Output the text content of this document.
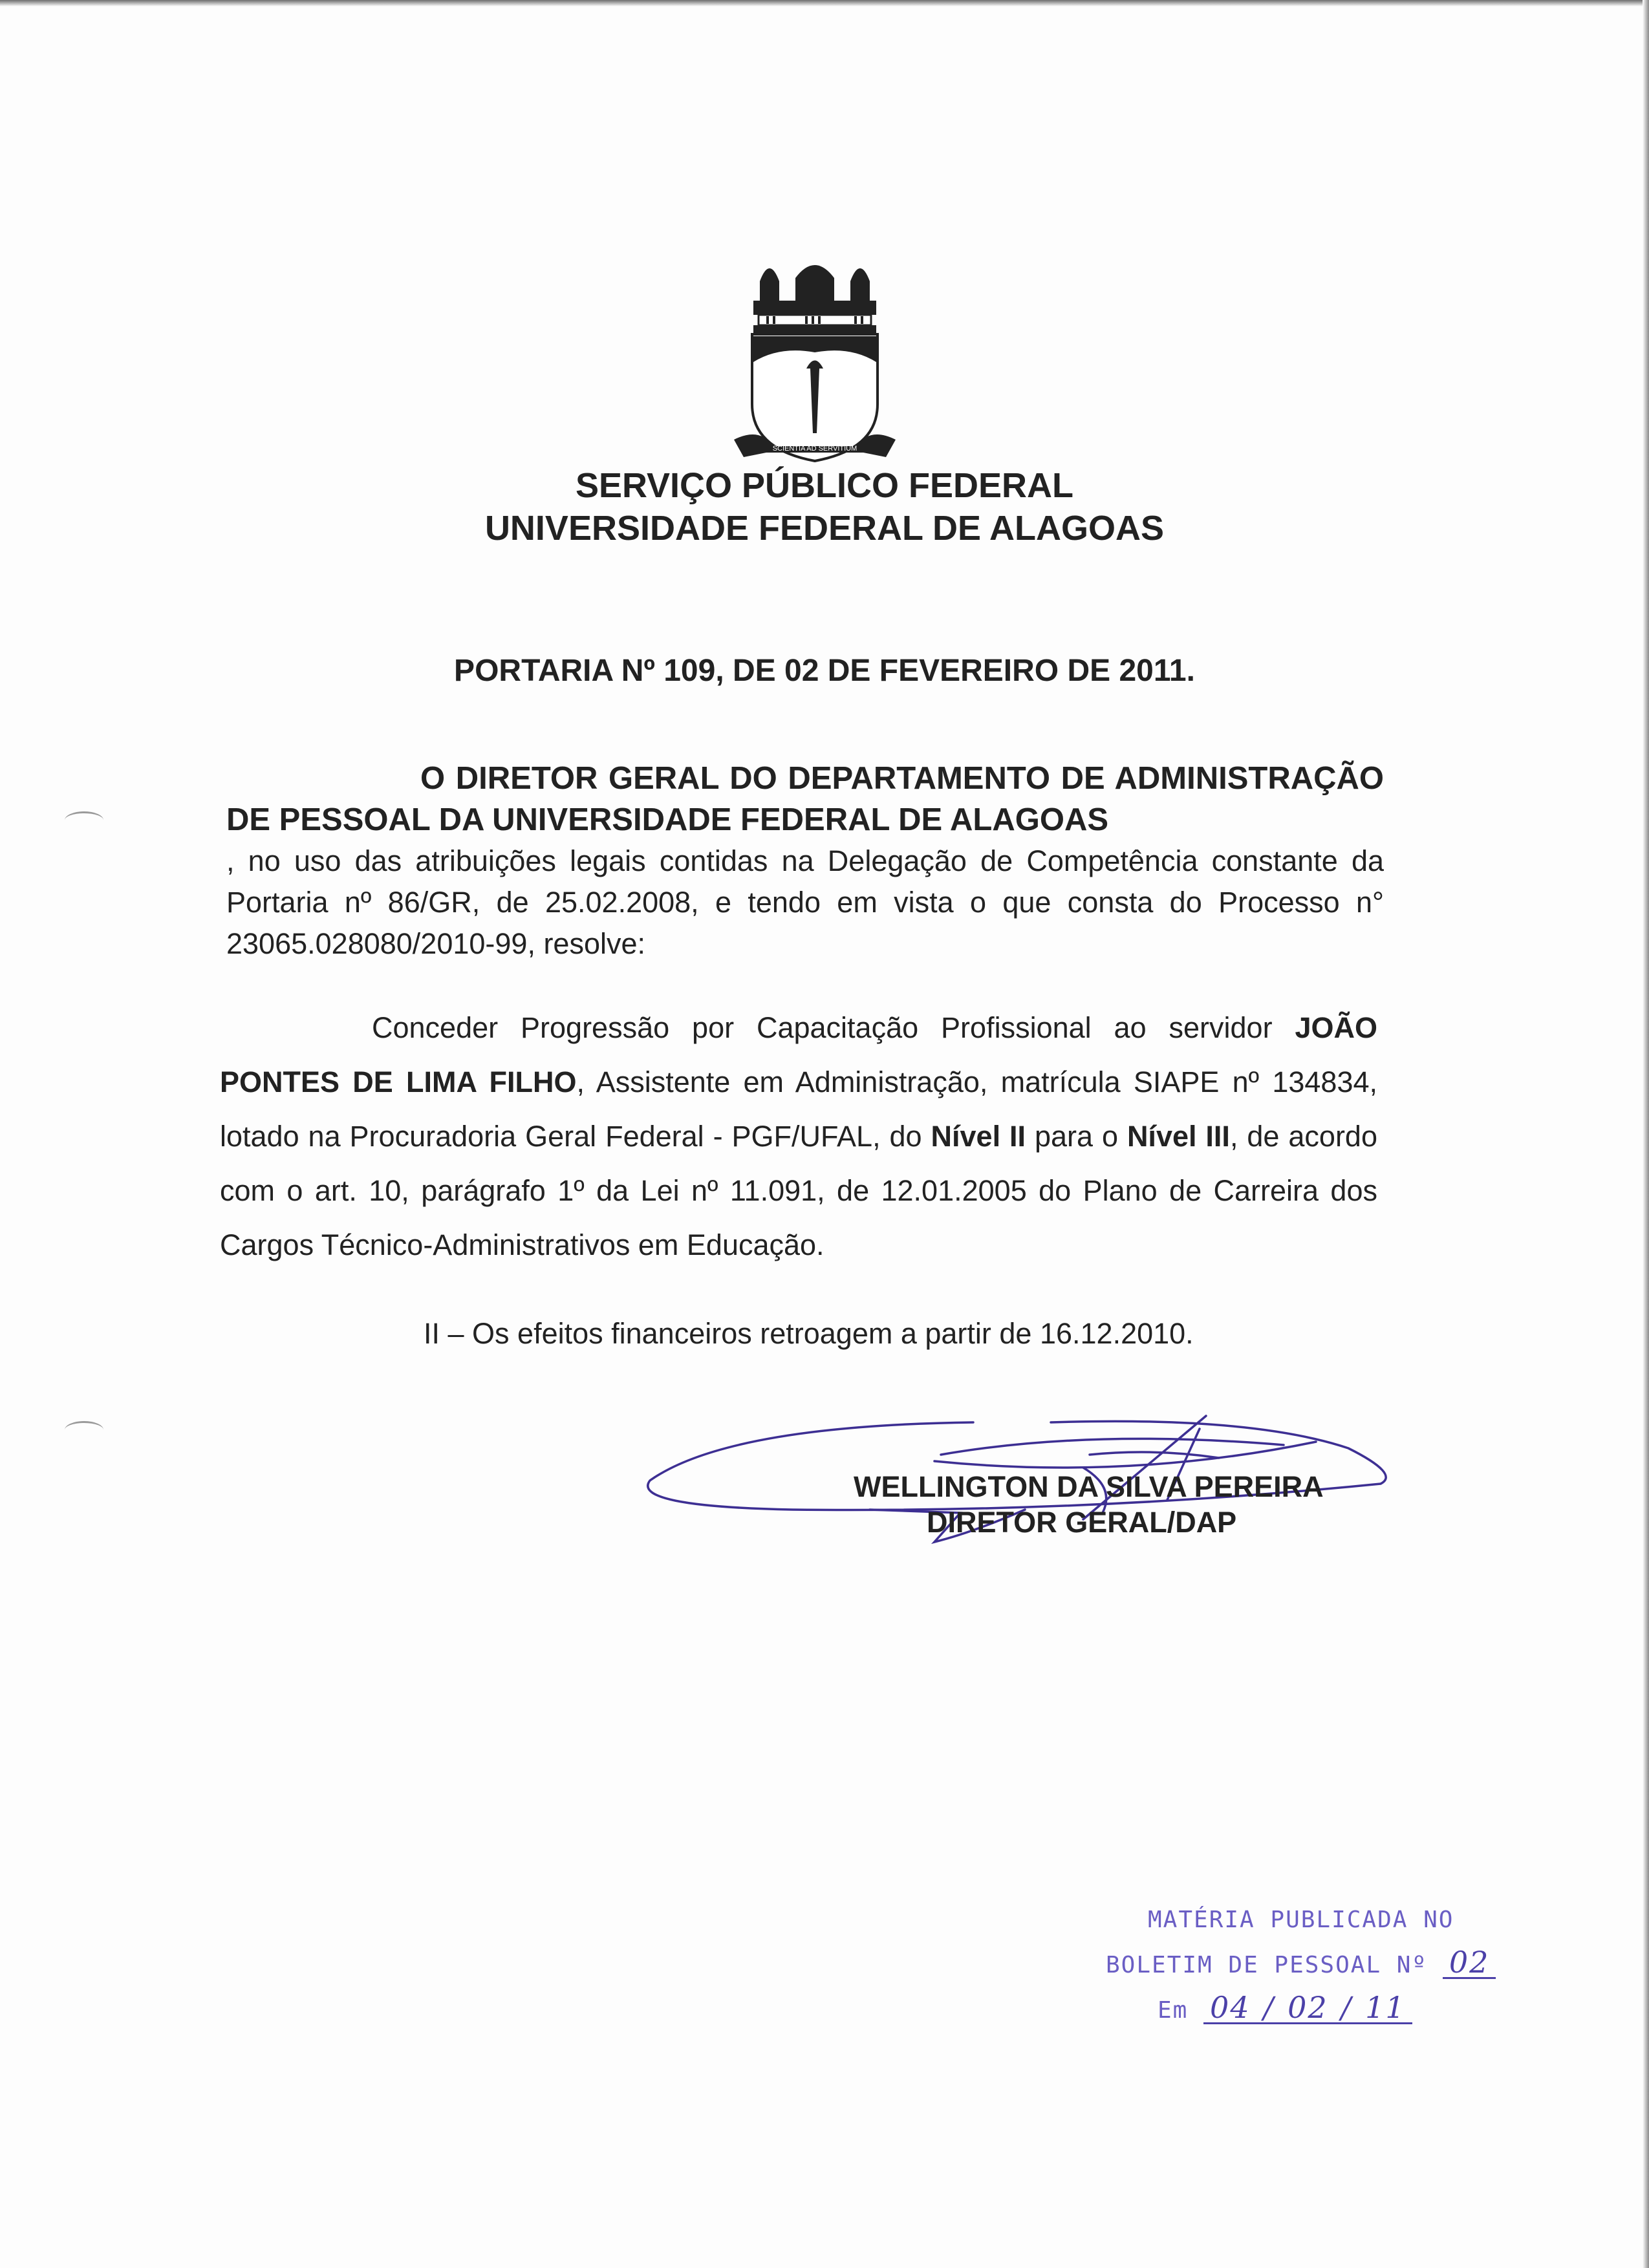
SCIENTIA AD SERVITIUM
SERVIÇO PÚBLICO FEDERAL
UNIVERSIDADE FEDERAL DE ALAGOAS
PORTARIA Nº 109, DE 02 DE FEVEREIRO DE 2011.
O DIRETOR GERAL DO DEPARTAMENTO DE ADMINISTRAÇÃO DE PESSOAL DA UNIVERSIDADE FEDERAL DE ALAGOAS
, no uso das atribuições legais contidas na Delegação de Competência constante da Portaria nº 86/GR, de 25.02.2008, e tendo em vista o que consta do Processo n° 23065.028080/2010-99, resolve:
Conceder Progressão por Capacitação Profissional ao servidor JOÃO PONTES DE LIMA FILHO, Assistente em Administração, matrícula SIAPE nº 134834, lotado na Procuradoria Geral Federal - PGF/UFAL, do Nível II para o Nível III, de acordo com o art. 10, parágrafo 1º da Lei nº 11.091, de 12.01.2005 do Plano de Carreira dos Cargos Técnico-Administrativos em Educação.
II – Os efeitos financeiros retroagem a partir de 16.12.2010.
WELLINGTON DA SILVA PEREIRA
DIRETOR GERAL/DAP
MATÉRIA PUBLICADA NO
BOLETIM DE PESSOAL Nº 02
Em 04 / 02 / 11
